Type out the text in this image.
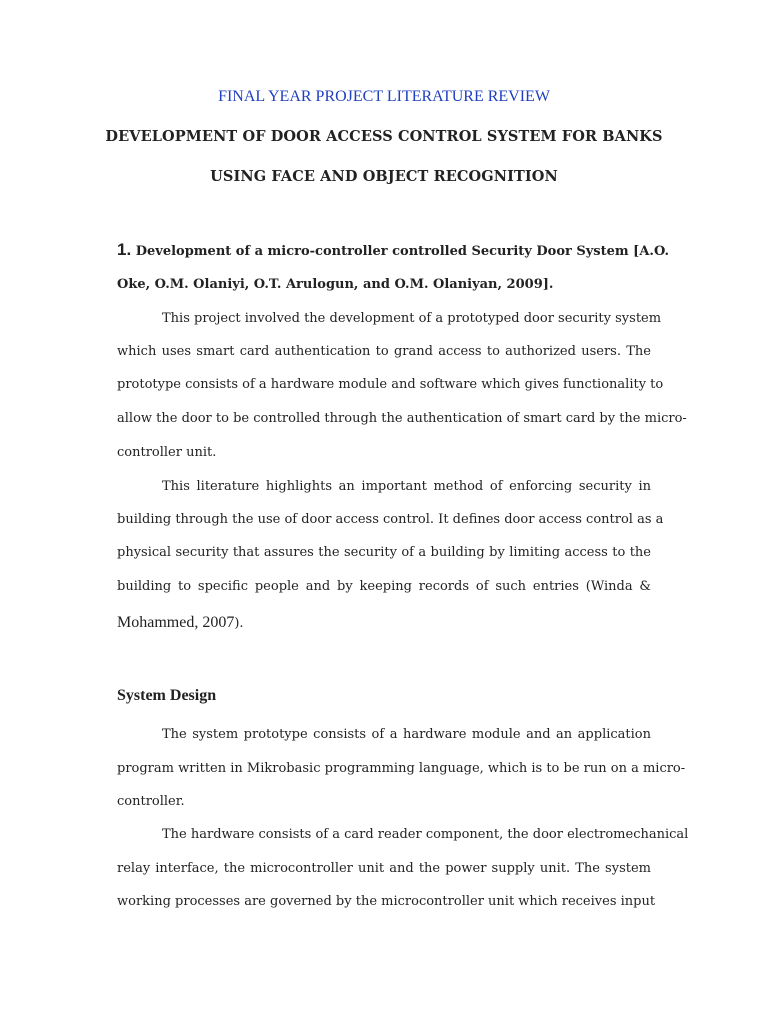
FINAL YEAR PROJECT LITERATURE REVIEW
DEVELOPMENT OF DOOR ACCESS CONTROL SYSTEM FOR BANKS
USING FACE AND OBJECT RECOGNITION
1. Development of a micro-controller controlled Security Door System [A.O.
Oke, O.M. Olaniyi, O.T. Arulogun, and O.M. Olaniyan, 2009].
This project involved the development of a prototyped door security system
which uses smart card authentication to grand access to authorized users. The
prototype consists of a hardware module and software which gives functionality to
allow the door to be controlled through the authentication of smart card by the micro-
controller unit.
This literature highlights an important method of enforcing security in
building through the use of door access control. It defines door access control as a
physical security that assures the security of a building by limiting access to the
building to specific people and by keeping records of such entries (Winda &
Mohammed, 2007).
System Design
The system prototype consists of a hardware module and an application
program written in Mikrobasic programming language, which is to be run on a micro-
controller.
The hardware consists of a card reader component, the door electromechanical
relay interface, the microcontroller unit and the power supply unit. The system
working processes are governed by the microcontroller unit which receives input
